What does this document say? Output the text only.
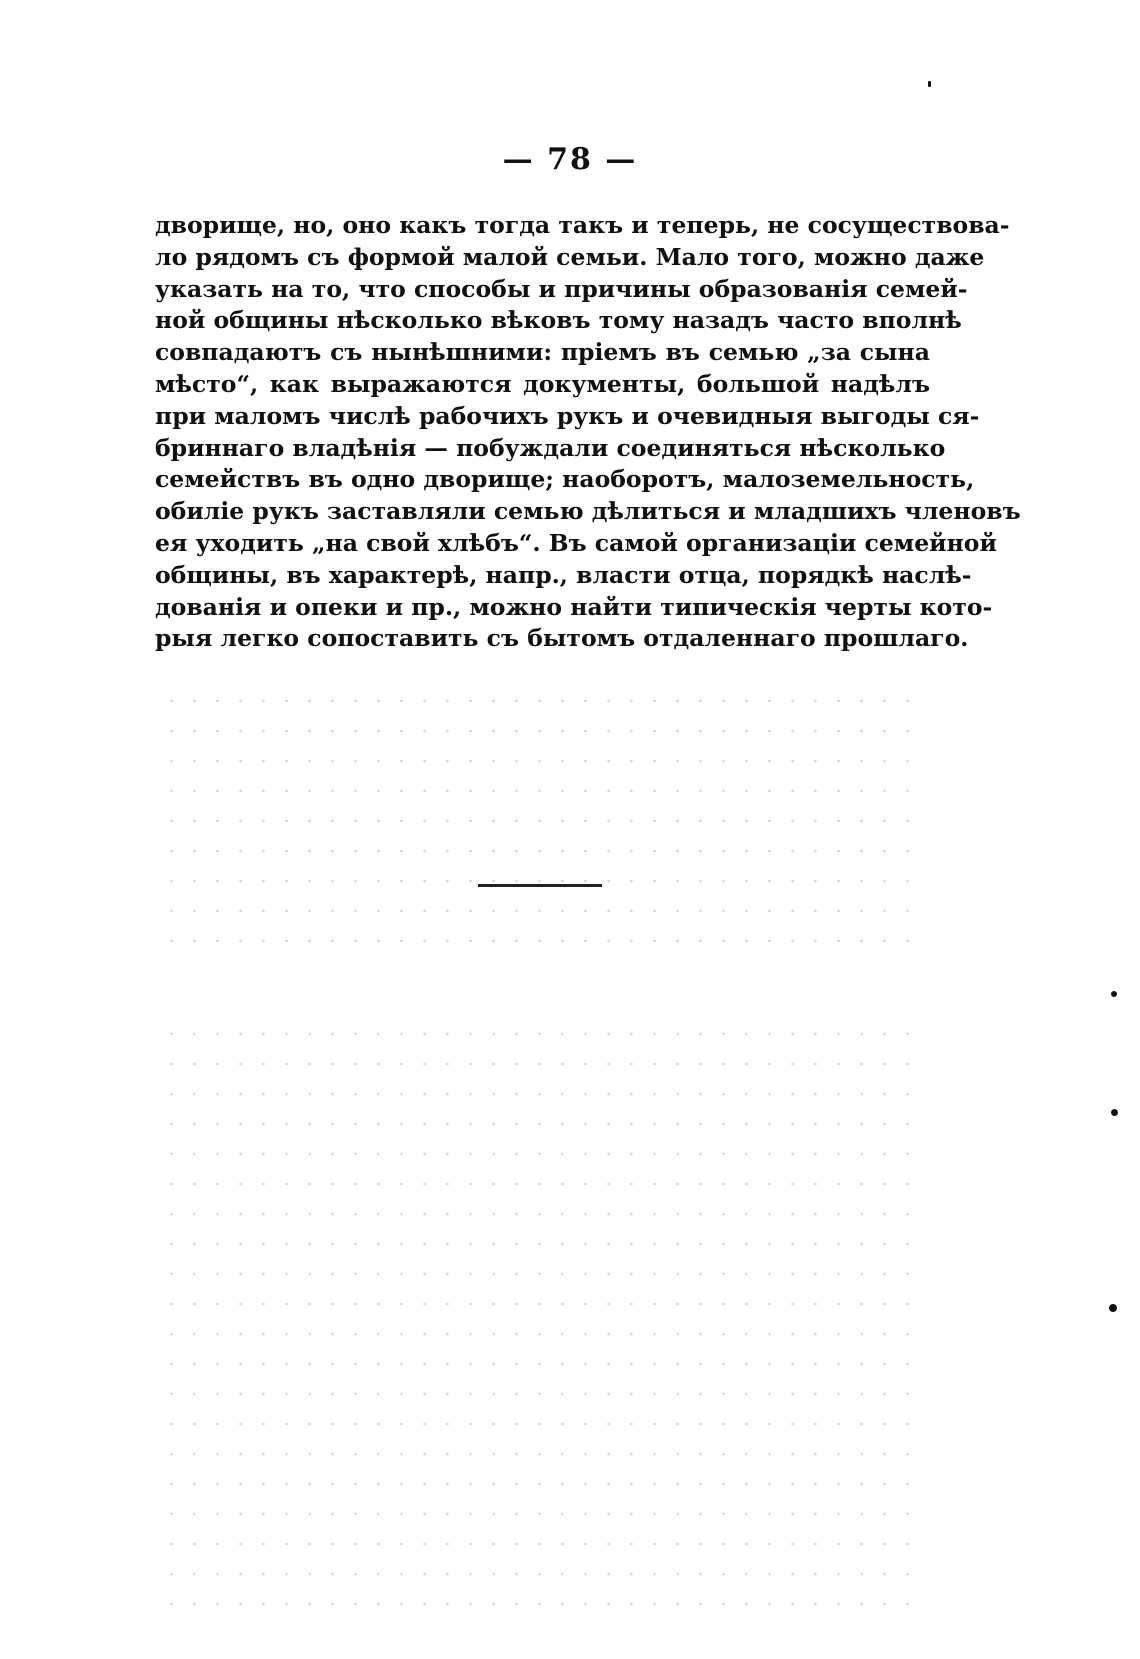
— 78 —
дворище, но, оно какъ тогда такъ и теперь, не сосуществова-
ло рядомъ съ формой малой семьи. Мало того, можно даже
указать на то, что способы и причины образованія семей-
ной общины нѣсколько вѣковъ тому назадъ часто вполнѣ
совпадаютъ съ нынѣшними: пріемъ въ семью „за сына
мѣсто“, как выражаются документы, большой надѣлъ
при маломъ числѣ рабочихъ рукъ и очевидныя выгоды ся-
бриннаго владѣнія — побуждали соединяться нѣсколько
семействъ въ одно дворище; наоборотъ, малоземельность,
обиліе рукъ заставляли семью дѣлиться и младшихъ членовъ
ея уходить „на свой хлѣбъ“. Въ самой организаціи семейной
общины, въ характерѣ, напр., власти отца, порядкѣ наслѣ-
дованія и опеки и пр., можно найти типическія черты кото-
рыя легко сопоставить съ бытомъ отдаленнаго прошлаго.
